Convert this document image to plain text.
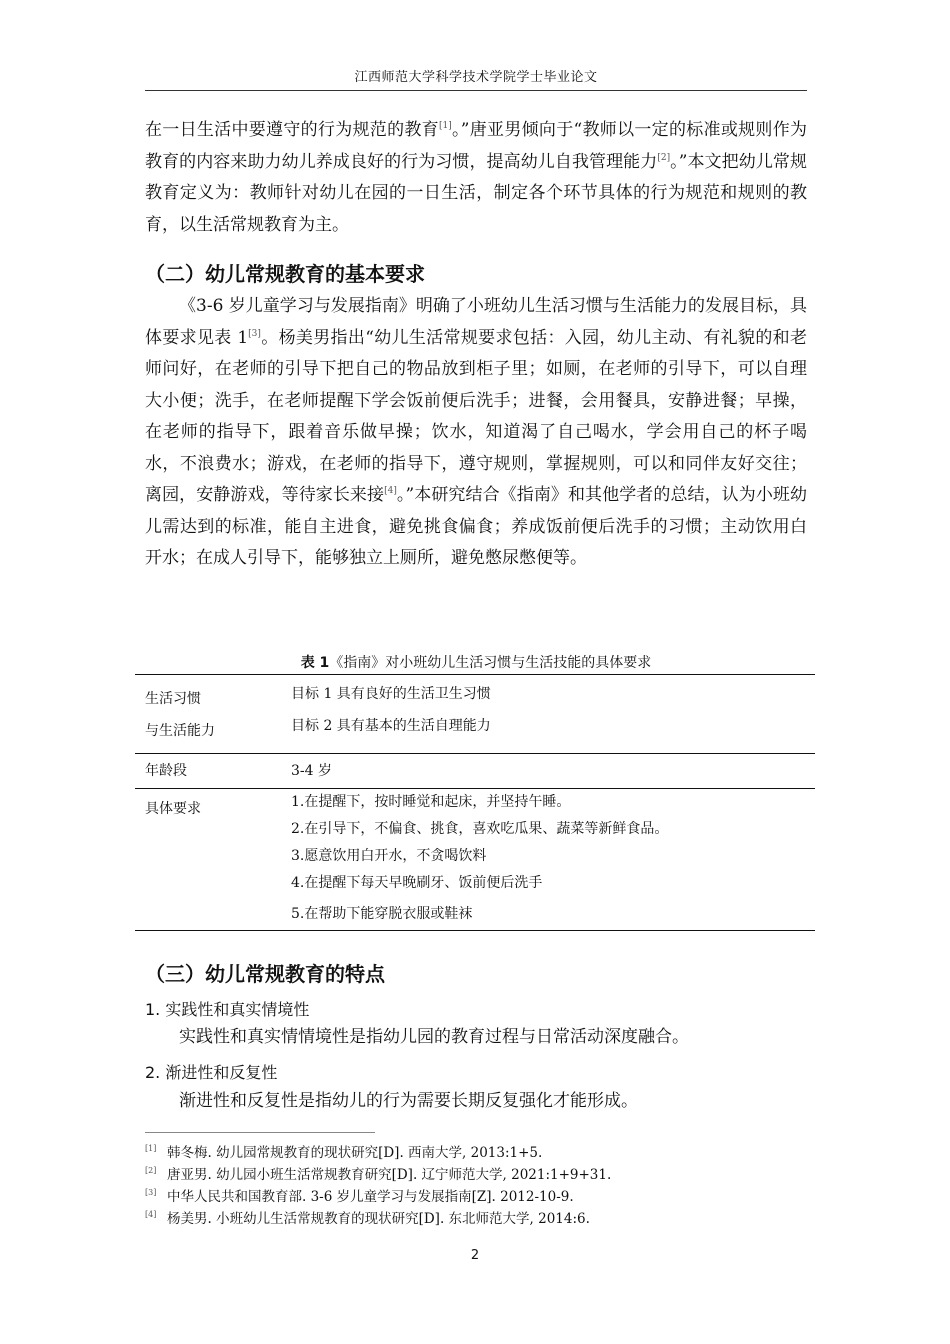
江西师范大学科学技术学院学士毕业论文
在一日生活中要遵守的行为规范的教育[1]。”唐亚男倾向于“教师以一定的标准或规则作为教育的内容来助力幼儿养成良好的行为习惯，提高幼儿自我管理能力[2]。”本文把幼儿常规教育定义为：教师针对幼儿在园的一日生活，制定各个环节具体的行为规范和规则的教育，以生活常规教育为主。
（二）幼儿常规教育的基本要求
《3-6 岁儿童学习与发展指南》明确了小班幼儿生活习惯与生活能力的发展目标，具体要求见表 1[3]。杨美男指出“幼儿生活常规要求包括：入园，幼儿主动、有礼貌的和老师问好，在老师的引导下把自己的物品放到柜子里；如厕，在老师的引导下，可以自理大小便；洗手，在老师提醒下学会饭前便后洗手；进餐，会用餐具，安静进餐；早操，在老师的指导下，跟着音乐做早操；饮水，知道渴了自己喝水，学会用自己的杯子喝水，不浪费水；游戏，在老师的指导下，遵守规则，掌握规则，可以和同伴友好交往；离园，安静游戏，等待家长来接[4]。”本研究结合《指南》和其他学者的总结，认为小班幼儿需达到的标准，能自主进食，避免挑食偏食；养成饭前便后洗手的习惯；主动饮用白开水；在成人引导下，能够独立上厕所，避免憋尿憋便等。
表 1《指南》对小班幼儿生活习惯与生活技能的具体要求
生活习惯
与生活能力	目标 1 具有良好的生活卫生习惯
目标 2 具有基本的生活自理能力

年龄段	3-4 岁
具体要求	1.在提醒下，按时睡觉和起床，并坚持午睡。
2.在引导下，不偏食、挑食，喜欢吃瓜果、蔬菜等新鲜食品。
3.愿意饮用白开水，不贪喝饮料
4.在提醒下每天早晚刷牙、饭前便后洗手
5.在帮助下能穿脱衣服或鞋袜
（三）幼儿常规教育的特点
1. 实践性和真实情境性
实践性和真实情情境性是指幼儿园的教育过程与日常活动深度融合。
2. 渐进性和反复性
渐进性和反复性是指幼儿的行为需要长期反复强化才能形成。
[1] 韩冬梅. 幼儿园常规教育的现状研究[D]. 西南大学, 2013:1+5.
[2] 唐亚男. 幼儿园小班生活常规教育研究[D]. 辽宁师范大学, 2021:1+9+31.
[3] 中华人民共和国教育部. 3-6 岁儿童学习与发展指南[Z]. 2012-10-9.
[4] 杨美男. 小班幼儿生活常规教育的现状研究[D]. 东北师范大学, 2014:6.
2
